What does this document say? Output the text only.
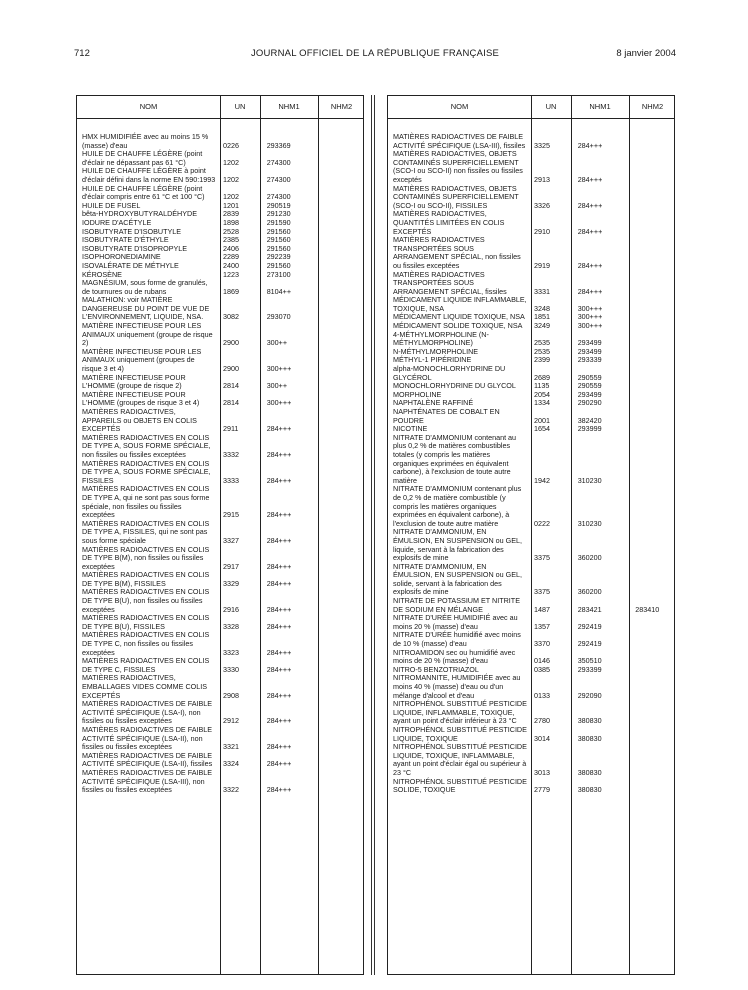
712	JOURNAL OFFICIEL DE LA RÉPUBLIQUE FRANÇAISE	8 janvier 2004
NOM	UN	NHM1	NHM2
HMX HUMIDIFIÉE avec au moins 15 % (masse) d'eau	0226	293369
HUILE DE CHAUFFE LÉGÈRE (point d'éclair ne dépassant pas 61 °C)	1202	274300
HUILE DE CHAUFFE LÉGÈRE à point d'éclair défini dans la norme EN 590:1993	1202	274300
HUILE DE CHAUFFE LÉGÈRE (point d'éclair compris entre 61 °C et 100 °C)	1202	274300
HUILE DE FUSEL	1201	290519
bêta-HYDROXYBUTYRALDÉHYDE	2839	291230
IODURE D'ACÉTYLE	1898	291590
ISOBUTYRATE D'ISOBUTYLE	2528	291560
ISOBUTYRATE D'ÉTHYLE	2385	291560
ISOBUTYRATE D'ISOPROPYLE	2406	291560
ISOPHORONEDIAMINE	2289	292239
ISOVALÉRATE DE MÉTHYLE	2400	291560
KÉROSÈNE	1223	273100
MAGNÉSIUM, sous forme de granulés, de tournures ou de rubans	1869	8104++
MALATHION: voir MATIÈRE DANGEREUSE DU POINT DE VUE DE L'ENVIRONNEMENT, LIQUIDE, NSA.	3082	293070
MATIÈRE INFECTIEUSE POUR LES ANIMAUX uniquement (groupe de risque 2)	2900	300++
MATIÈRE INFECTIEUSE POUR LES ANIMAUX uniquement (groupes de risque 3 et 4)	2900	300+++
MATIÈRE INFECTIEUSE POUR L'HOMME (groupe de risque 2)	2814	300++
MATIÈRE INFECTIEUSE POUR L'HOMME (groupes de risque 3 et 4)	2814	300+++
MATIÈRES RADIOACTIVES, APPAREILS ou OBJETS EN COLIS EXCEPTÉS	2911	284+++
MATIÈRES RADIOACTIVES EN COLIS DE TYPE A, SOUS FORME SPÉCIALE, non fissiles ou fissiles exceptées	3332	284+++
MATIÈRES RADIOACTIVES EN COLIS DE TYPE A, SOUS FORME SPÉCIALE, FISSILES	3333	284+++
MATIÈRES RADIOACTIVES EN COLIS DE TYPE A, qui ne sont pas sous forme spéciale, non fissiles ou fissiles exceptées	2915	284+++
MATIÈRES RADIOACTIVES EN COLIS DE TYPE A, FISSILES, qui ne sont pas sous forme spéciale	3327	284+++
MATIÈRES RADIOACTIVES EN COLIS DE TYPE B(M), non fissiles ou fissiles exceptées	2917	284+++
MATIÈRES RADIOACTIVES EN COLIS DE TYPE B(M), FISSILES	3329	284+++
MATIÈRES RADIOACTIVES EN COLIS DE TYPE B(U), non fissiles ou fissiles exceptées	2916	284+++
MATIÈRES RADIOACTIVES EN COLIS DE TYPE B(U), FISSILES	3328	284+++
MATIÈRES RADIOACTIVES EN COLIS DE TYPE C, non fissiles ou fissiles exceptées	3323	284+++
MATIÈRES RADIOACTIVES EN COLIS DE TYPE C, FISSILES	3330	284+++
MATIÈRES RADIOACTIVES, EMBALLAGES VIDES COMME COLIS EXCEPTÉS	2908	284+++
MATIÈRES RADIOACTIVES DE FAIBLE ACTIVITÉ SPÉCIFIQUE (LSA-I), non fissiles ou fissiles exceptées	2912	284+++
MATIÈRES RADIOACTIVES DE FAIBLE ACTIVITÉ SPÉCIFIQUE (LSA-II), non fissiles ou fissiles exceptées	3321	284+++
MATIÈRES RADIOACTIVES DE FAIBLE ACTIVITÉ SPÉCIFIQUE (LSA-II), fissiles	3324	284+++
MATIÈRES RADIOACTIVES DE FAIBLE ACTIVITÉ SPÉCIFIQUE (LSA-III), non fissiles ou fissiles exceptées	3322	284+++
NOM	UN	NHM1	NHM2
MATIÈRES RADIOACTIVES DE FAIBLE ACTIVITÉ SPÉCIFIQUE (LSA-III), fissiles	3325	284+++
MATIÈRES RADIOACTIVES, OBJETS CONTAMINÉS SUPERFICIELLEMENT (SCO-I ou SCO-II) non fissiles ou fissiles exceptés	2913	284+++
MATIÈRES RADIOACTIVES, OBJETS CONTAMINÉS SUPERFICIELLEMENT (SCO-I ou SCO-II), FISSILES	3326	284+++
MATIÈRES RADIOACTIVES, QUANTITÉS LIMITÉES EN COLIS EXCEPTÉS	2910	284+++
MATIÈRES RADIOACTIVES TRANSPORTÉES SOUS ARRANGEMENT SPÉCIAL, non fissiles ou fissiles exceptées	2919	284+++
MATIÈRES RADIOACTIVES TRANSPORTÉES SOUS ARRANGEMENT SPÉCIAL, fissiles	3331	284+++
MÉDICAMENT LIQUIDE INFLAMMABLE, TOXIQUE, NSA	3248	300+++
MÉDICAMENT LIQUIDE TOXIQUE, NSA	1851	300+++
MÉDICAMENT SOLIDE TOXIQUE, NSA	3249	300+++
4-MÉTHYLMORPHOLINE (N-MÉTHYLMORPHOLINE)	2535	293499
N-MÉTHYLMORPHOLINE	2535	293499
MÉTHYL-1 PIPÉRIDINE	2399	293339
alpha-MONOCHLORHYDRINE DU GLYCÉROL	2689	290559
MONOCHLORHYDRINE DU GLYCOL	1135	290559
MORPHOLINE	2054	293499
NAPHTALÈNE RAFFINÉ	1334	290290
NAPHTÉNATES DE COBALT EN POUDRE	2001	382420
NICOTINE	1654	293999
NITRATE D'AMMONIUM contenant au plus 0,2 % de matières combustibles totales (y compris les matières organiques exprimées en équivalent carbone), à l'exclusion de toute autre matière	1942	310230
NITRATE D'AMMONIUM contenant plus de 0,2 % de matière combustible (y compris les matières organiques exprimées en équivalent carbone), à l'exclusion de toute autre matière	0222	310230
NITRATE D'AMMONIUM, EN ÉMULSION, EN SUSPENSION ou GEL, liquide, servant à la fabrication des explosifs de mine	3375	360200
NITRATE D'AMMONIUM, EN ÉMULSION, EN SUSPENSION ou GEL, solide, servant à la fabrication des explosifs de mine	3375	360200
NITRATE DE POTASSIUM ET NITRITE DE SODIUM EN MÉLANGE	1487	283421	283410
NITRATE D'URÉE HUMIDIFIÉ avec au moins 20 % (masse) d'eau	1357	292419
NITRATE D'URÉE humidifié avec moins de 10 % (masse) d'eau	3370	292419
NITROAMIDON sec ou humidifié avec moins de 20 % (masse) d'eau	0146	350510
NITRO-5 BENZOTRIAZOL	0385	293399
NITROMANNITE, HUMIDIFIÉE avec au moins 40 % (masse) d'eau ou d'un mélange d'alcool et d'eau	0133	292090
NITROPHÉNOL SUBSTITUÉ PESTICIDE LIQUIDE, INFLAMMABLE, TOXIQUE, ayant un point d'éclair inférieur à 23 °C	2780	380830
NITROPHÉNOL SUBSTITUÉ PESTICIDE LIQUIDE, TOXIQUE	3014	380830
NITROPHÉNOL SUBSTITUÉ PESTICIDE LIQUIDE, TOXIQUE, INFLAMMABLE, ayant un point d'éclair égal ou supérieur à 23 °C	3013	380830
NITROPHÉNOL SUBSTITUÉ PESTICIDE SOLIDE, TOXIQUE	2779	380830
